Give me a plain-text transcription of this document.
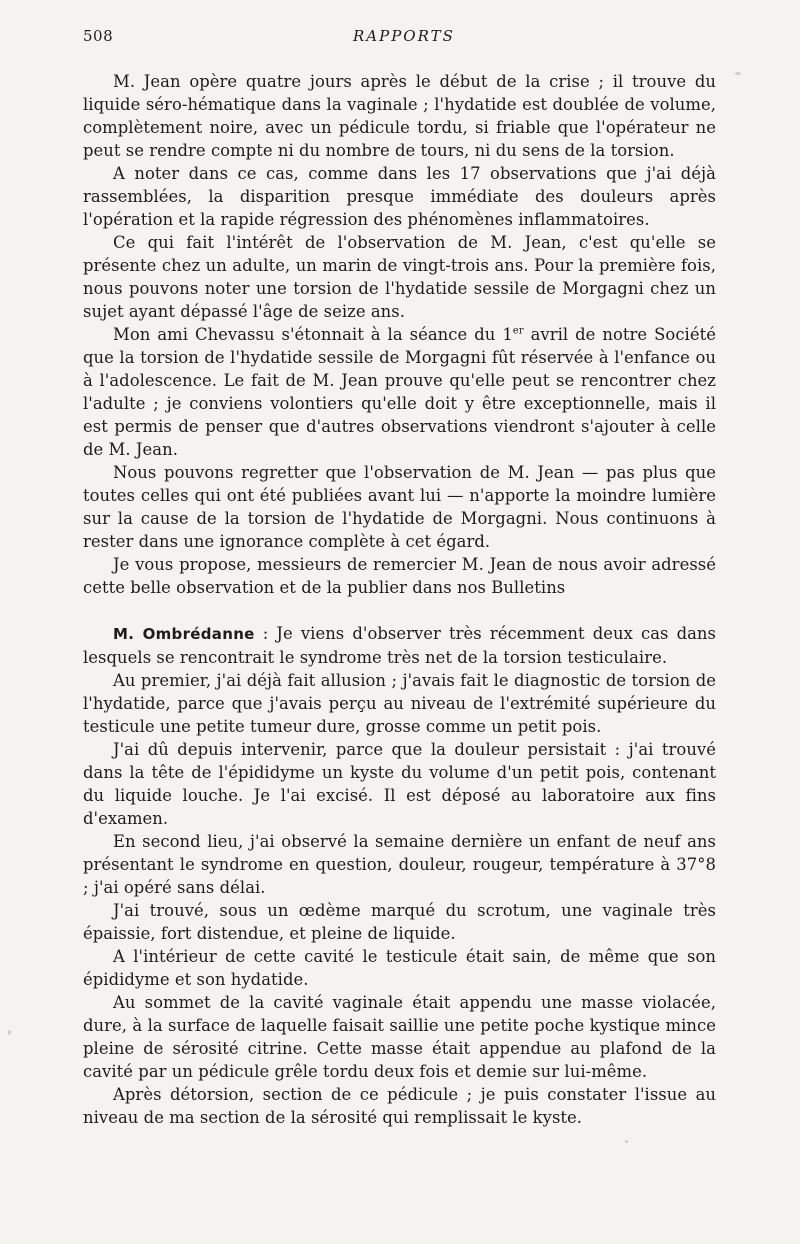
508	RAPPORTS

M. Jean opère quatre jours après le début de la crise ; il trouve du liquide séro-hématique dans la vaginale ; l'hydatide est doublée de volume, complètement noire, avec un pédicule tordu, si friable que l'opérateur ne peut se rendre compte ni du nombre de tours, ni du sens de la torsion.

A noter dans ce cas, comme dans les 17 observations que j'ai déjà rassemblées, la disparition presque immédiate des douleurs après l'opération et la rapide régression des phénomènes inflammatoires.

Ce qui fait l'intérêt de l'observation de M. Jean, c'est qu'elle se présente chez un adulte, un marin de vingt-trois ans. Pour la première fois, nous pouvons noter une torsion de l'hydatide sessile de Morgagni chez un sujet ayant dépassé l'âge de seize ans.

Mon ami Chevassu s'étonnait à la séance du 1er avril de notre Société que la torsion de l'hydatide sessile de Morgagni fût réservée à l'enfance ou à l'adolescence. Le fait de M. Jean prouve qu'elle peut se rencontrer chez l'adulte ; je conviens volontiers qu'elle doit y être exceptionnelle, mais il est permis de penser que d'autres observations viendront s'ajouter à celle de M. Jean.

Nous pouvons regretter que l'observation de M. Jean — pas plus que toutes celles qui ont été publiées avant lui — n'apporte la moindre lumière sur la cause de la torsion de l'hydatide de Morgagni. Nous continuons à rester dans une ignorance complète à cet égard.

Je vous propose, messieurs de remercier M. Jean de nous avoir adressé cette belle observation et de la publier dans nos Bulletins

M. Ombrédanne : Je viens d'observer très récemment deux cas dans lesquels se rencontrait le syndrome très net de la torsion testiculaire.

Au premier, j'ai déjà fait allusion ; j'avais fait le diagnostic de torsion de l'hydatide, parce que j'avais perçu au niveau de l'extrémité supérieure du testicule une petite tumeur dure, grosse comme un petit pois.

J'ai dû depuis intervenir, parce que la douleur persistait : j'ai trouvé dans la tête de l'épididyme un kyste du volume d'un petit pois, contenant du liquide louche. Je l'ai excisé. Il est déposé au laboratoire aux fins d'examen.

En second lieu, j'ai observé la semaine dernière un enfant de neuf ans présentant le syndrome en question, douleur, rougeur, température à 37°8 ; j'ai opéré sans délai.

J'ai trouvé, sous un œdème marqué du scrotum, une vaginale très épaissie, fort distendue, et pleine de liquide.

A l'intérieur de cette cavité le testicule était sain, de même que son épididyme et son hydatide.

Au sommet de la cavité vaginale était appendu une masse violacée, dure, à la surface de laquelle faisait saillie une petite poche kystique mince pleine de sérosité citrine. Cette masse était appendue au plafond de la cavité par un pédicule grêle tordu deux fois et demie sur lui-même.

Après détorsion, section de ce pédicule ; je puis constater l'issue au niveau de ma section de la sérosité qui remplissait le kyste.
